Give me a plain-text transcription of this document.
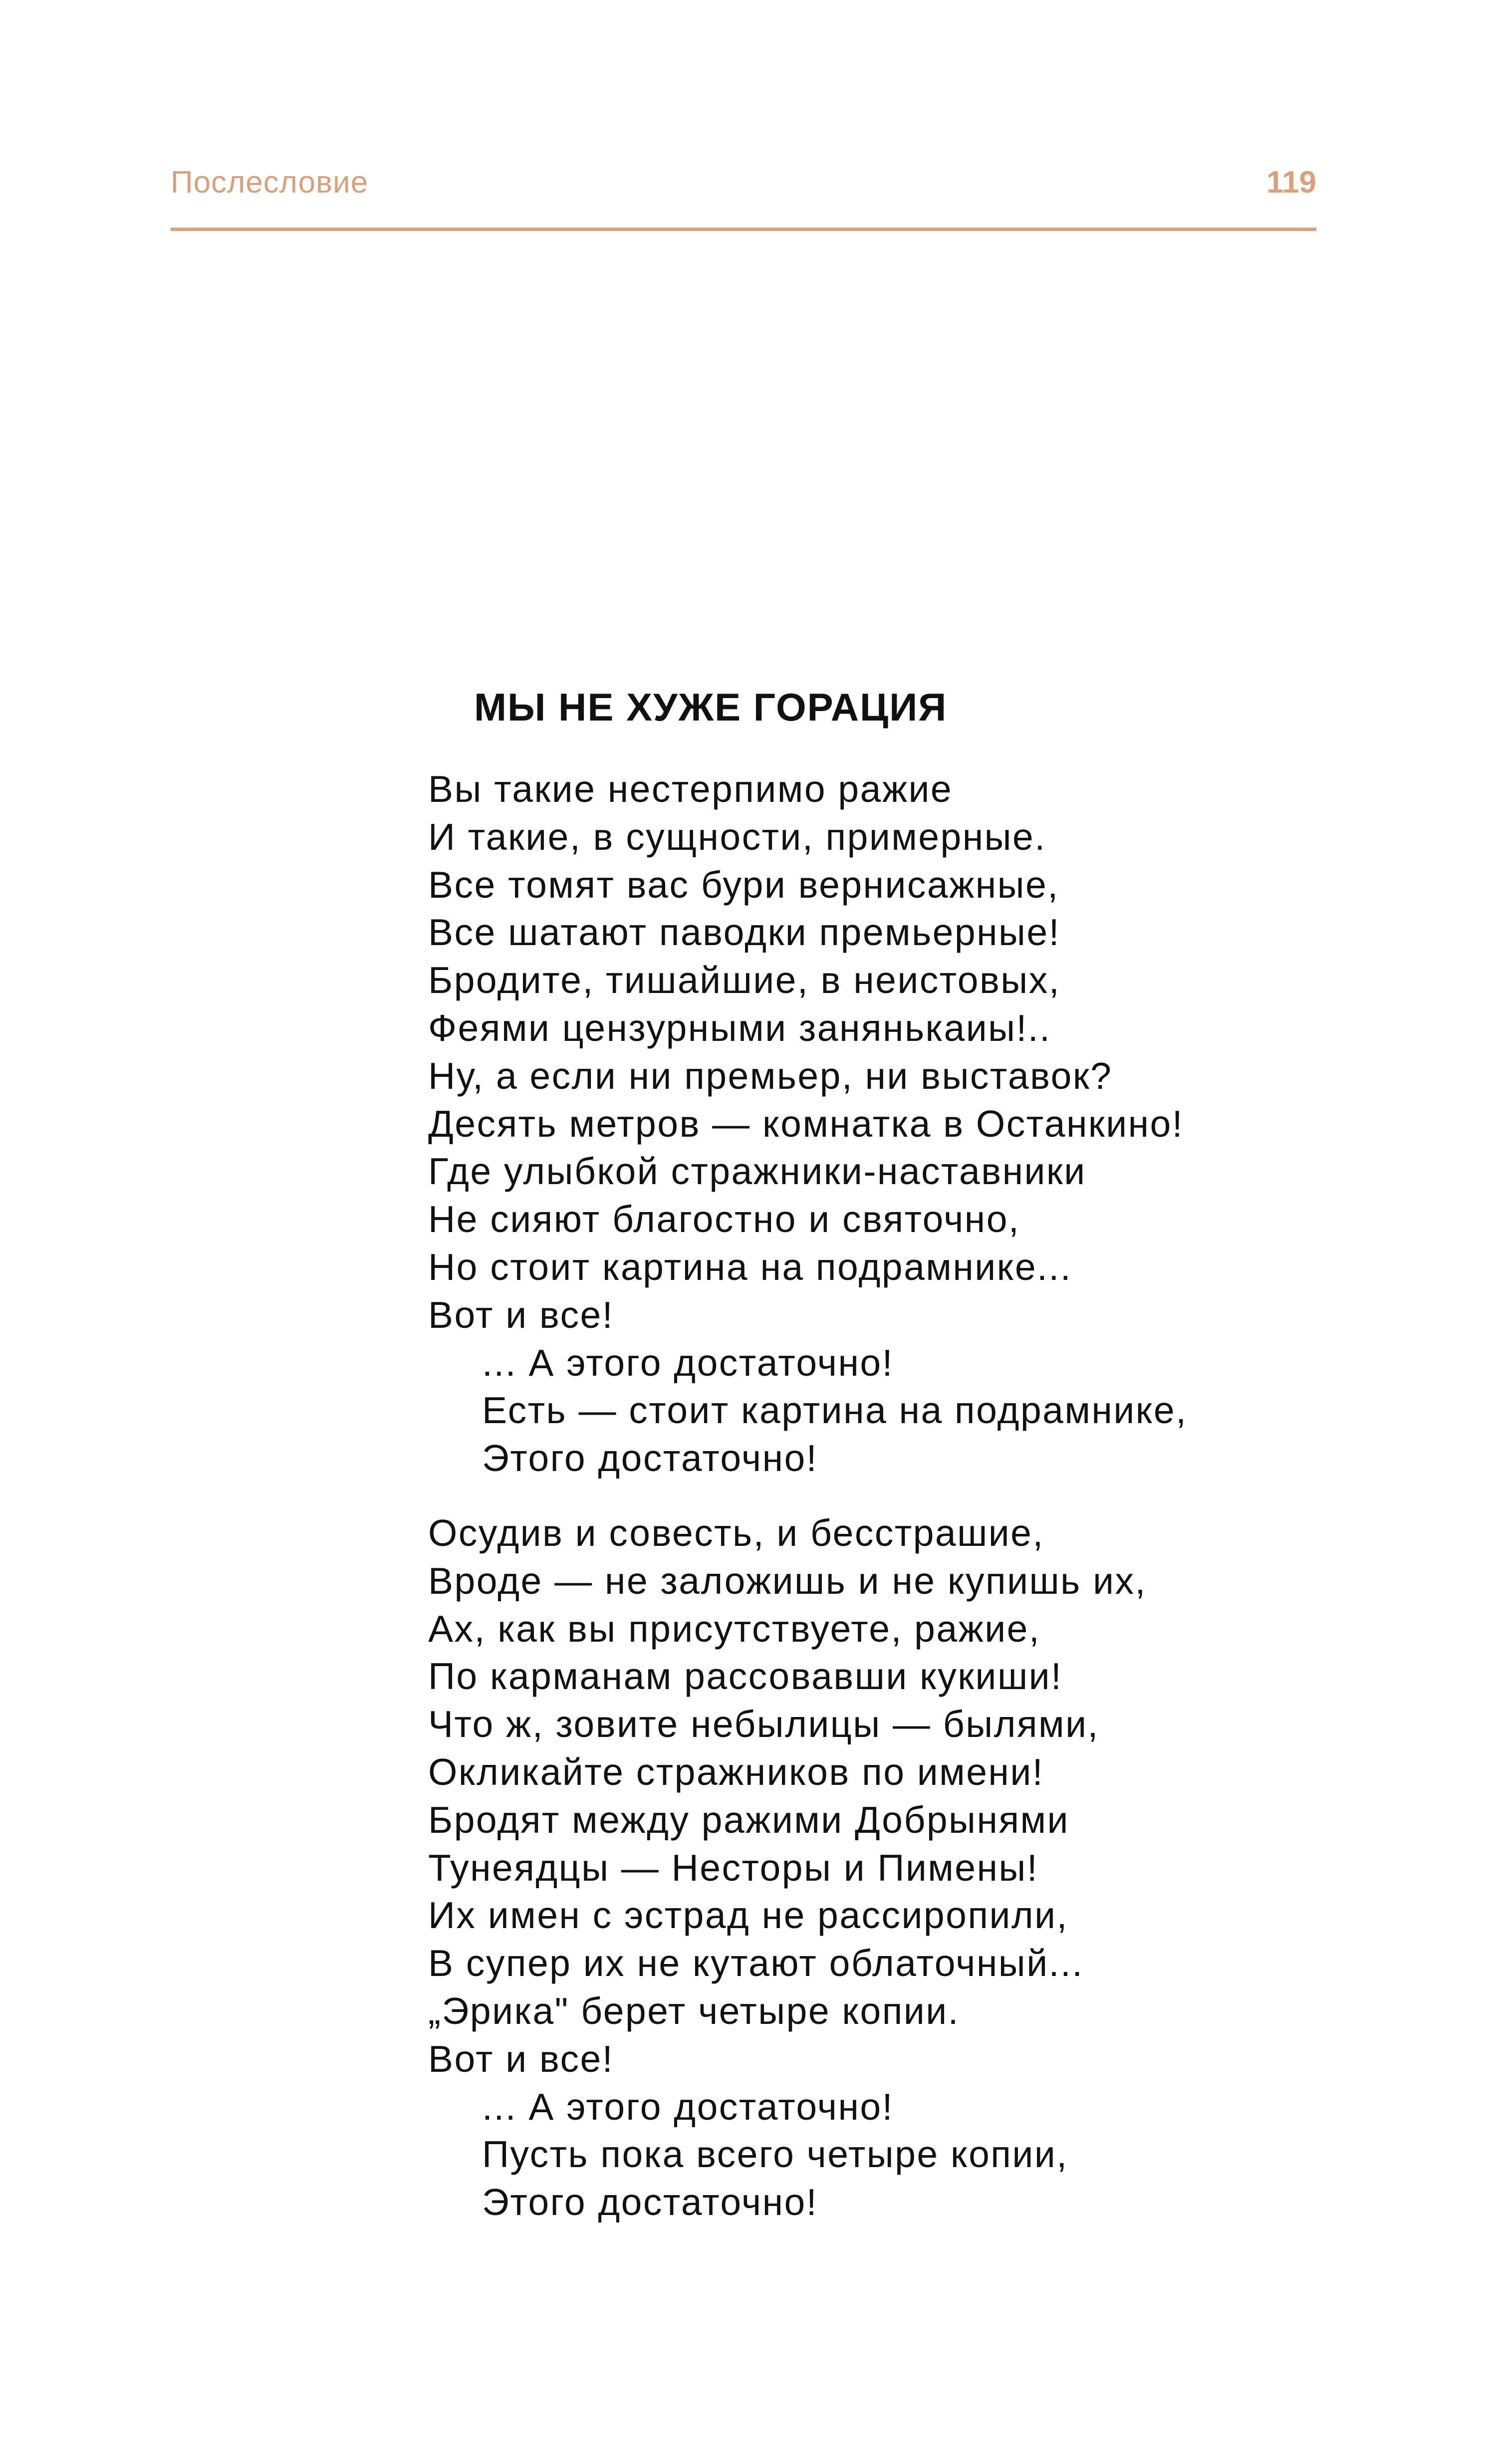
Послесловие	119
МЫ НЕ ХУЖЕ ГОРАЦИЯ
Вы такие нестерпимо ражие
И такие, в сущности, примерные.
Все томят вас бури вернисажные,
Все шатают паводки премьерные!
Бродите, тишайшие, в неистовых,
Феями цензурными занянькаиы!..
Ну, а если ни премьер, ни выставок?
Десять метров — комнатка в Останкино!
Где улыбкой стражники-наставники
Не сияют благостно и святочно,
Но стоит картина на подрамнике...
Вот и все!
... А этого достаточно!
Есть — стоит картина на подрамнике,
Этого достаточно!
Осудив и совесть, и бесстрашие,
Вроде — не заложишь и не купишь их,
Ах, как вы присутствуете, ражие,
По карманам рассовавши кукиши!
Что ж, зовите небылицы — былями,
Окликайте стражников по имени!
Бродят между ражими Добрынями
Тунеядцы — Несторы и Пимены!
Их имен с эстрад не рассиропили,
В супер их не кутают облаточный...
„Эрика" берет четыре копии.
Вот и все!
... А этого достаточно!
Пусть пока всего четыре копии,
Этого достаточно!
